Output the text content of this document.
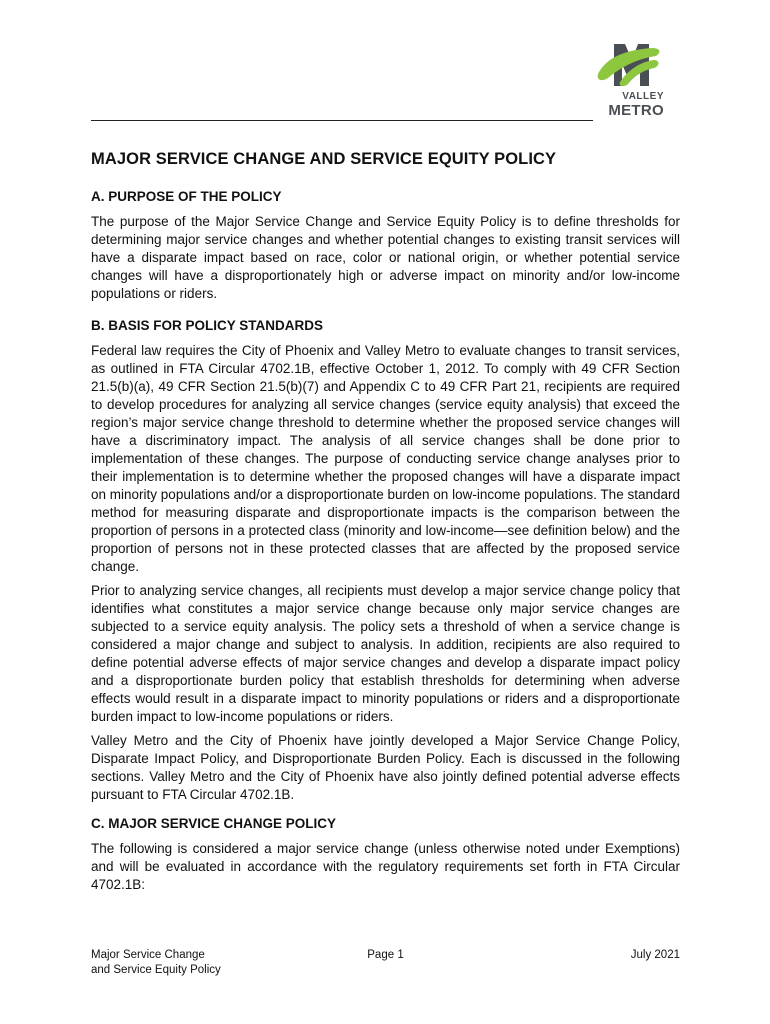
VALLEY
METRO
MAJOR SERVICE CHANGE AND SERVICE EQUITY POLICY
A. PURPOSE OF THE POLICY

The purpose of the Major Service Change and Service Equity Policy is to define thresholds for determining major service changes and whether potential changes to existing transit services will have a disparate impact based on race, color or national origin, or whether potential service changes will have a disproportionately high or adverse impact on minority and/or low-income populations or riders.

B. BASIS FOR POLICY STANDARDS

Federal law requires the City of Phoenix and Valley Metro to evaluate changes to transit services, as outlined in FTA Circular 4702.1B, effective October 1, 2012. To comply with 49 CFR Section 21.5(b)(a), 49 CFR Section 21.5(b)(7) and Appendix C to 49 CFR Part 21, recipients are required to develop procedures for analyzing all service changes (service equity analysis) that exceed the region’s major service change threshold to determine whether the proposed service changes will have a discriminatory impact. The analysis of all service changes shall be done prior to implementation of these changes. The purpose of conducting service change analyses prior to their implementation is to determine whether the proposed changes will have a disparate impact on minority populations and/or a disproportionate burden on low-income populations. The standard method for measuring disparate and disproportionate impacts is the comparison between the proportion of persons in a protected class (minority and low-income—see definition below) and the proportion of persons not in these protected classes that are affected by the proposed service change.

Prior to analyzing service changes, all recipients must develop a major service change policy that identifies what constitutes a major service change because only major service changes are subjected to a service equity analysis. The policy sets a threshold of when a service change is considered a major change and subject to analysis. In addition, recipients are also required to define potential adverse effects of major service changes and develop a disparate impact policy and a disproportionate burden policy that establish thresholds for determining when adverse effects would result in a disparate impact to minority populations or riders and a disproportionate burden impact to low-income populations or riders.

Valley Metro and the City of Phoenix have jointly developed a Major Service Change Policy, Disparate Impact Policy, and Disproportionate Burden Policy. Each is discussed in the following sections. Valley Metro and the City of Phoenix have also jointly defined potential adverse effects pursuant to FTA Circular 4702.1B.

C. MAJOR SERVICE CHANGE POLICY

The following is considered a major service change (unless otherwise noted under Exemptions) and will be evaluated in accordance with the regulatory requirements set forth in FTA Circular 4702.1B:

Major Service Change
and Service Equity Policy
Page 1	July 2021
